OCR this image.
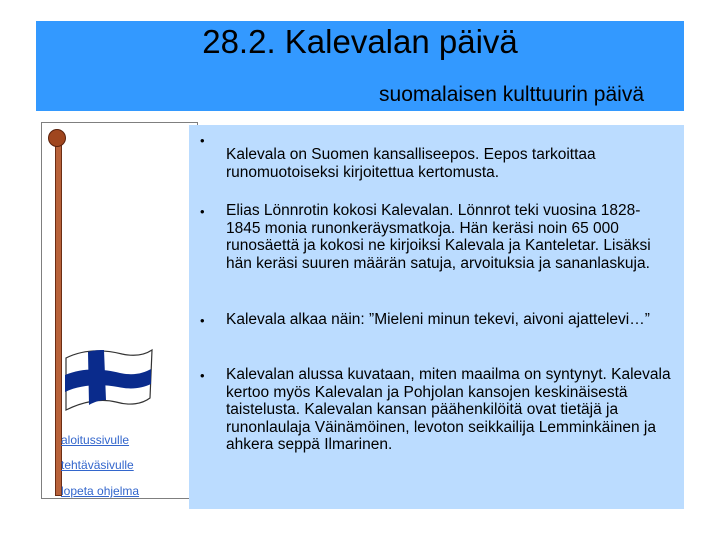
28.2. Kalevalan päivä
suomalaisen kulttuurin päivä
aloitussivulle
tehtäväsivulle
lopeta ohjelma
•
Kalevala on Suomen kansalliseepos. Eepos tarkoittaa runomuotoiseksi kirjoitettua kertomusta.
• Elias Lönnrotin kokosi Kalevalan. Lönnrot teki vuosina 1828-1845 monia runonkeräysmatkoja. Hän keräsi noin 65 000 runosäettä ja kokosi ne kirjoiksi Kalevala ja Kanteletar. Lisäksi hän keräsi suuren määrän satuja, arvoituksia ja sananlaskuja.
• Kalevala alkaa näin: ”Mieleni minun tekevi, aivoni ajattelevi…”
• Kalevalan alussa kuvataan, miten maailma on syntynyt. Kalevala kertoo myös Kalevalan ja Pohjolan kansojen keskinäisestä taistelusta. Kalevalan kansan päähenkilöitä ovat tietäjä ja runonlaulaja Väinämöinen, levoton seikkailija Lemminkäinen ja ahkera seppä Ilmarinen.
